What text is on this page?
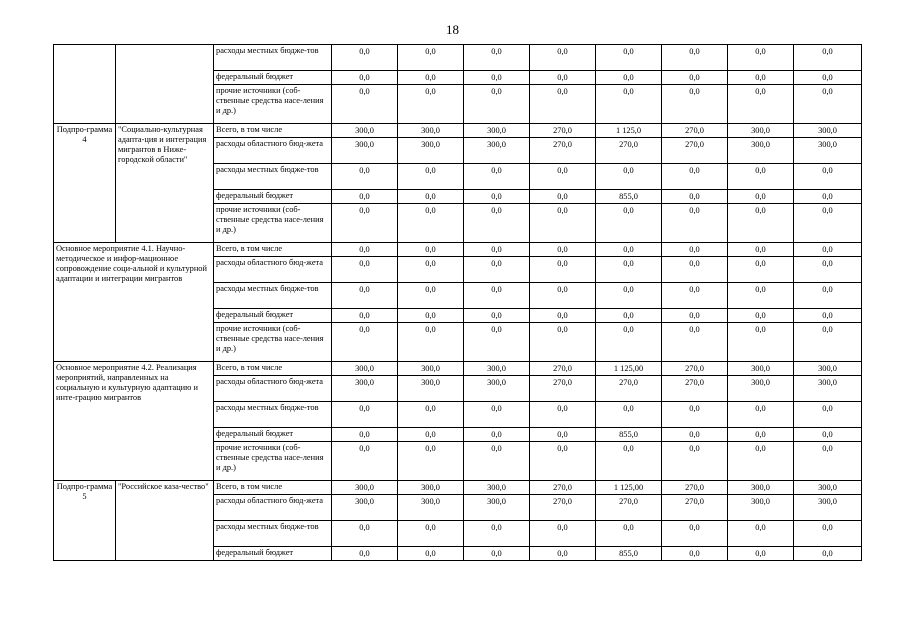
18
		расходы местных бюдже-тов	0,0	0,0	0,0	0,0	0,0	0,0	0,0	0,0
		федеральный бюджет	0,0	0,0	0,0	0,0	0,0	0,0	0,0	0,0
		прочие источники (соб-ственные средства насе-ления и др.)	0,0	0,0	0,0	0,0	0,0	0,0	0,0	0,0
Подпро-грамма 4	"Социально-культурная адапта-ция и интеграция мигрантов в Ниже-городской области"	Всего, в том числе	300,0	300,0	300,0	270,0	1 125,0	270,0	300,0	300,0
		расходы областного бюд-жета	300,0	300,0	300,0	270,0	270,0	270,0	300,0	300,0
		расходы местных бюдже-тов	0,0	0,0	0,0	0,0	0,0	0,0	0,0	0,0
		федеральный бюджет	0,0	0,0	0,0	0,0	855,0	0,0	0,0	0,0
		прочие источники (соб-ственные средства насе-ления и др.)	0,0	0,0	0,0	0,0	0,0	0,0	0,0	0,0
Основное мероприятие 4.1. Научно-методическое и инфор-мационное сопровождение соци-альной и культурной адаптации и интеграции мигрантов		Всего, в том числе	0,0	0,0	0,0	0,0	0,0	0,0	0,0	0,0
		расходы областного бюд-жета	0,0	0,0	0,0	0,0	0,0	0,0	0,0	0,0
		расходы местных бюдже-тов	0,0	0,0	0,0	0,0	0,0	0,0	0,0	0,0
		федеральный бюджет	0,0	0,0	0,0	0,0	0,0	0,0	0,0	0,0
		прочие источники (соб-ственные средства насе-ления и др.)	0,0	0,0	0,0	0,0	0,0	0,0	0,0	0,0
Основное мероприятие 4.2. Реализация мероприятий, направленных на социальную и культурную адаптацию и инте-грацию мигрантов		Всего, в том числе	300,0	300,0	300,0	270,0	1 125,00	270,0	300,0	300,0
		расходы областного бюд-жета	300,0	300,0	300,0	270,0	270,0	270,0	300,0	300,0
		расходы местных бюдже-тов	0,0	0,0	0,0	0,0	0,0	0,0	0,0	0,0
		федеральный бюджет	0,0	0,0	0,0	0,0	855,0	0,0	0,0	0,0
		прочие источники (соб-ственные средства насе-ления и др.)	0,0	0,0	0,0	0,0	0,0	0,0	0,0	0,0
Подпро-грамма 5	"Российское каза-чество"	Всего, в том числе	300,0	300,0	300,0	270,0	1 125,00	270,0	300,0	300,0
		расходы областного бюд-жета	300,0	300,0	300,0	270,0	270,0	270,0	300,0	300,0
		расходы местных бюдже-тов	0,0	0,0	0,0	0,0	0,0	0,0	0,0	0,0
		федеральный бюджет	0,0	0,0	0,0	0,0	855,0	0,0	0,0	0,0
